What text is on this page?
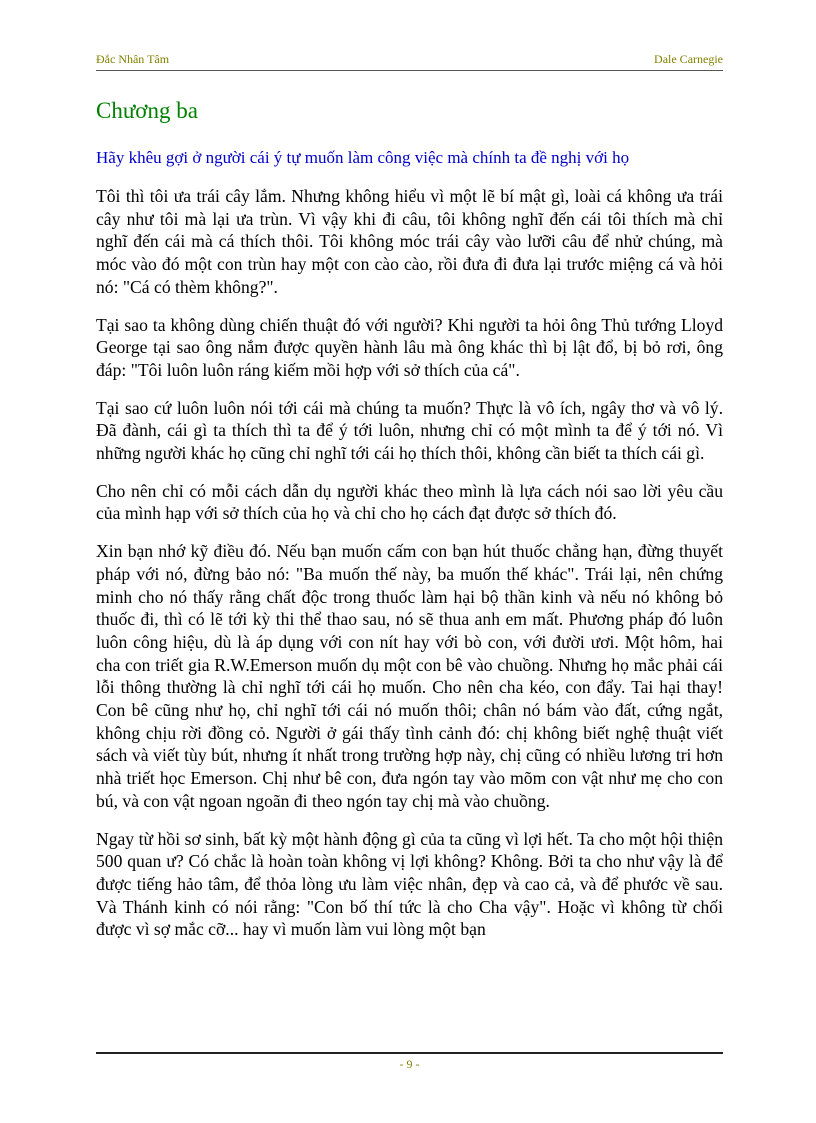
Đắc Nhân Tâm	Dale Carnegie
Chương ba
Hãy khêu gợi ở người cái ý tự muốn làm công việc mà chính ta đề nghị với họ

Tôi thì tôi ưa trái cây lắm. Nhưng không hiểu vì một lẽ bí mật gì, loài cá không ưa trái cây như tôi mà lại ưa trùn. Vì vậy khi đi câu, tôi không nghĩ đến cái tôi thích mà chỉ nghĩ đến cái mà cá thích thôi. Tôi không móc trái cây vào lưỡi câu để nhử chúng, mà móc vào đó một con trùn hay một con cào cào, rồi đưa đi đưa lại trước miệng cá và hỏi nó: "Cá có thèm không?".

Tại sao ta không dùng chiến thuật đó với người? Khi người ta hỏi ông Thủ tướng Lloyd George tại sao ông nắm được quyền hành lâu mà ông khác thì bị lật đổ, bị bỏ rơi, ông đáp: "Tôi luôn luôn ráng kiếm mồi hợp với sở thích của cá".

Tại sao cứ luôn luôn nói tới cái mà chúng ta muốn? Thực là vô ích, ngây thơ và vô lý. Đã đành, cái gì ta thích thì ta để ý tới luôn, nhưng chỉ có một mình ta để ý tới nó. Vì những người khác họ cũng chỉ nghĩ tới cái họ thích thôi, không cần biết ta thích cái gì.

Cho nên chỉ có mỗi cách dẫn dụ người khác theo mình là lựa cách nói sao lời yêu cầu của mình hạp với sở thích của họ và chỉ cho họ cách đạt được sở thích đó.

Xin bạn nhớ kỹ điều đó. Nếu bạn muốn cấm con bạn hút thuốc chẳng hạn, đừng thuyết pháp với nó, đừng bảo nó: "Ba muốn thế này, ba muốn thế khác". Trái lại, nên chứng minh cho nó thấy rằng chất độc trong thuốc làm hại bộ thần kinh và nếu nó không bỏ thuốc đi, thì có lẽ tới kỳ thi thể thao sau, nó sẽ thua anh em mất. Phương pháp đó luôn luôn công hiệu, dù là áp dụng với con nít hay với bò con, với đười ươi. Một hôm, hai cha con triết gia R.W.Emerson muốn dụ một con bê vào chuồng. Nhưng họ mắc phải cái lỗi thông thường là chỉ nghĩ tới cái họ muốn. Cho nên cha kéo, con đẩy. Tai hại thay! Con bê cũng như họ, chỉ nghĩ tới cái nó muốn thôi; chân nó bám vào đất, cứng ngắt, không chịu rời đồng cỏ. Người ở gái thấy tình cảnh đó: chị không biết nghệ thuật viết sách và viết tùy bút, nhưng ít nhất trong trường hợp này, chị cũng có nhiều lương tri hơn nhà triết học Emerson. Chị như bê con, đưa ngón tay vào mõm con vật như mẹ cho con bú, và con vật ngoan ngoãn đi theo ngón tay chị mà vào chuồng.

Ngay từ hồi sơ sinh, bất kỳ một hành động gì của ta cũng vì lợi hết. Ta cho một hội thiện 500 quan ư? Có chắc là hoàn toàn không vị lợi không? Không. Bởi ta cho như vậy là để được tiếng hảo tâm, để thỏa lòng ưu làm việc nhân, đẹp và cao cả, và để phước về sau. Và Thánh kinh có nói rằng: "Con bố thí tức là cho Cha vậy". Hoặc vì không từ chối được vì sợ mắc cỡ... hay vì muốn làm vui lòng một bạn

- 9 -
